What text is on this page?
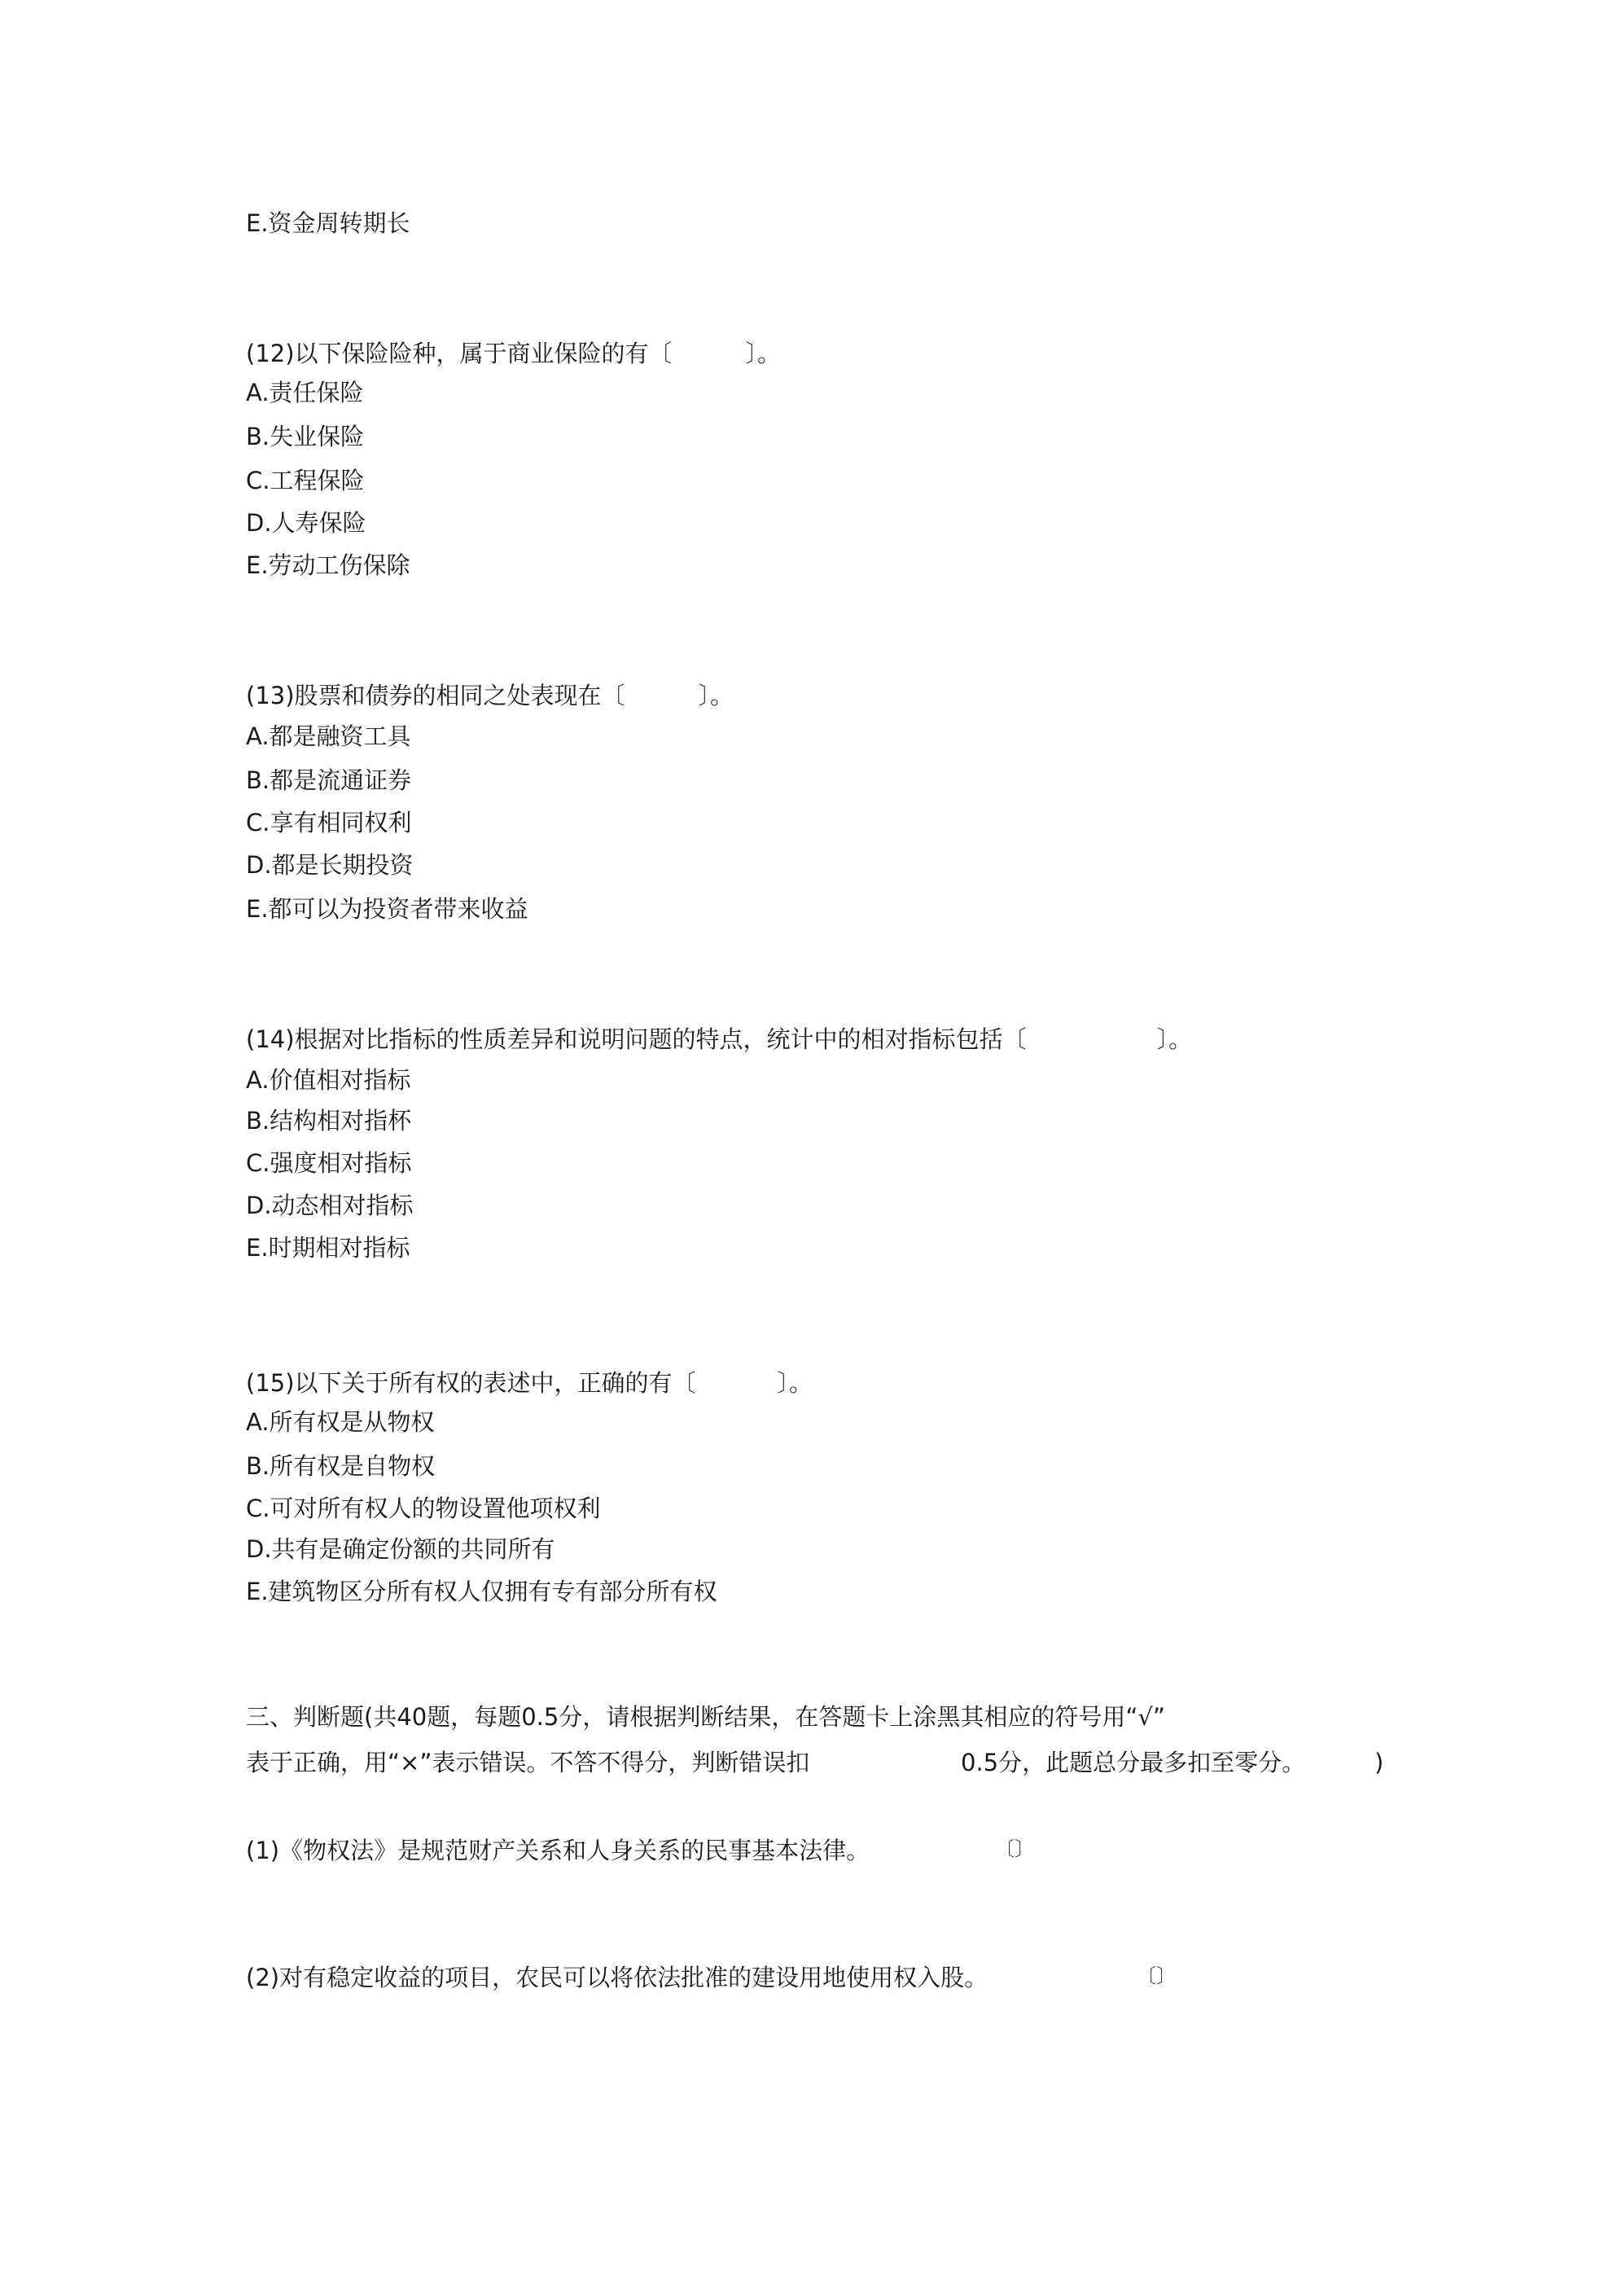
E.资金周转期长

(12)以下保险险种，属于商业保险的有〔	〕。

A.责任保险

B.失业保险

C.工程保险

D.人寿保险

E.劳动工伤保除

(13)股票和债券的相同之处表现在〔	〕。

A.都是融资工具

B.都是流通证券

C.享有相同权利

D.都是长期投资

E.都可以为投资者带来收益

(14)根据对比指标的性质差异和说明问题的特点，统计中的相对指标包括〔	〕。

A.价值相对指标

B.结构相对指杯

C.强度相对指标

D.动态相对指标

E.时期相对指标

(15)以下关于所有权的表述中，正确的有〔	〕。

A.所有权是从物权

B.所有权是自物权

C.可对所有权人的物设置他项权利

D.共有是确定份额的共同所有

E.建筑物区分所有权人仅拥有专有部分所有权

三、判断题(共40题，每题0.5分，请根据判断结果，在答题卡上涂黑其相应的符号用“√”

表于正确，用“×”表示错误。不答不得分，判断错误扣	0.5分，此题总分最多扣至零分。	)

(1)《物权法》是规范财产关系和人身关系的民事基本法律。	〔〕

(2)对有稳定收益的项目，农民可以将依法批准的建设用地使用权入股。	〔〕
